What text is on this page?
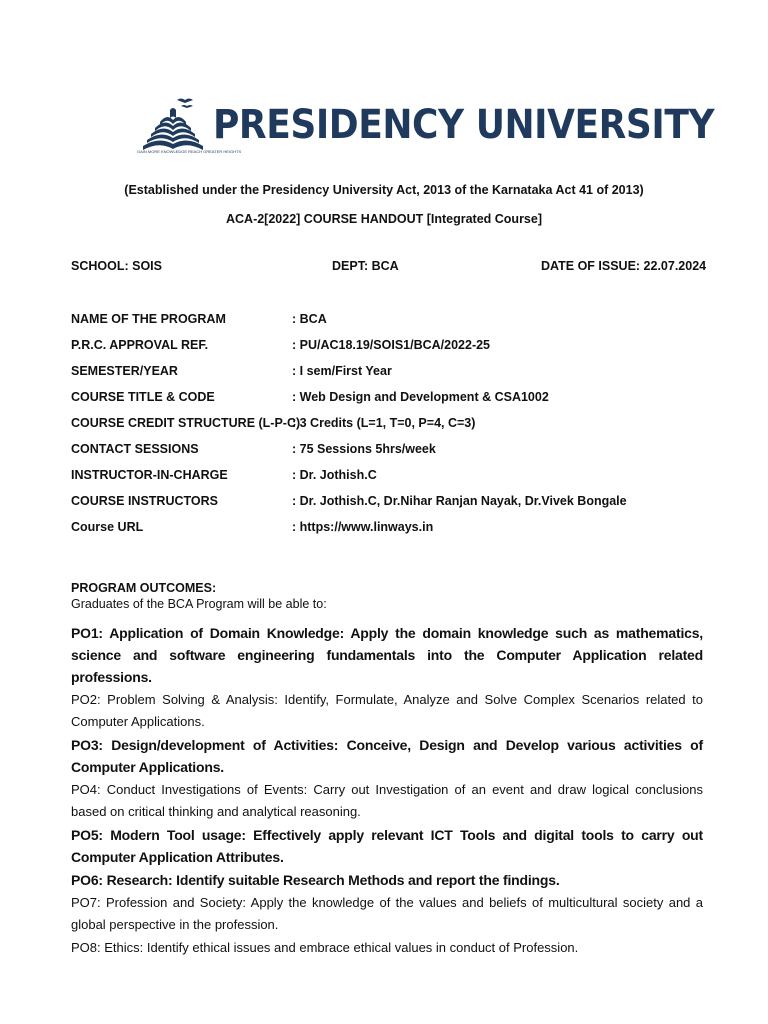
GAIN MORE KNOWLEDGE REACH GREATER HEIGHTS
PRESIDENCY UNIVERSITY
(Established under the Presidency University Act, 2013 of the Karnataka Act 41 of 2013)
ACA-2[2022] COURSE HANDOUT [Integrated Course]
SCHOOL: SOIS	DEPT: BCA	DATE OF ISSUE: 22.07.2024
NAME OF THE PROGRAM	: BCA
P.R.C. APPROVAL REF.	: PU/AC18.19/SOIS1/BCA/2022-25
SEMESTER/YEAR	: I sem/First Year
COURSE TITLE & CODE	: Web Design and Development & CSA1002
COURSE CREDIT STRUCTURE (L-P-C)
: 3 Credits (L=1, T=0, P=4, C=3)
CONTACT SESSIONS	: 75 Sessions 5hrs/week
INSTRUCTOR-IN-CHARGE	: Dr. Jothish.C
COURSE INSTRUCTORS	: Dr. Jothish.C, Dr.Nihar Ranjan Nayak, Dr.Vivek Bongale
Course URL	: https://www.linways.in
PROGRAM OUTCOMES:
Graduates of the BCA Program will be able to:

PO1: Application of Domain Knowledge: Apply the domain knowledge such as mathematics, science and software engineering fundamentals into the Computer Application related professions.

PO2: Problem Solving & Analysis: Identify, Formulate, Analyze and Solve Complex Scenarios related to Computer Applications.

PO3: Design/development of Activities: Conceive, Design and Develop various activities of Computer Applications.

PO4: Conduct Investigations of Events: Carry out Investigation of an event and draw logical conclusions based on critical thinking and analytical reasoning.

PO5: Modern Tool usage: Effectively apply relevant ICT Tools and digital tools to carry out Computer Application Attributes.

PO6: Research: Identify suitable Research Methods and report the findings.

PO7: Profession and Society: Apply the knowledge of the values and beliefs of multicultural society and a global perspective in the profession.

PO8: Ethics: Identify ethical issues and embrace ethical values in conduct of Profession.
